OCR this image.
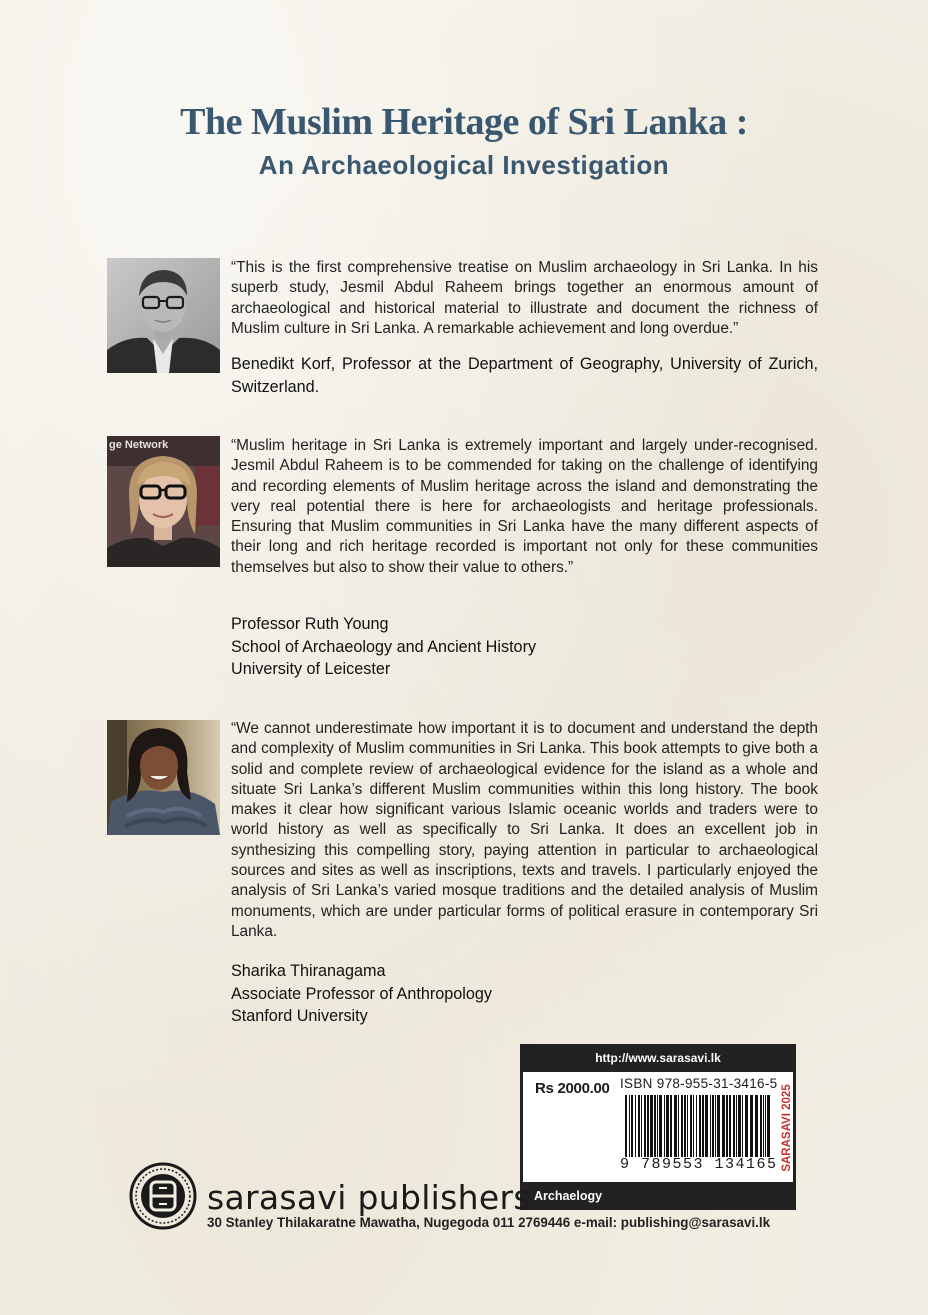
The Muslim Heritage of Sri Lanka :
An Archaeological Investigation

“This is the first comprehensive treatise on Muslim archaeology in Sri Lanka. In his superb study, Jesmil Abdul Raheem brings together an enormous amount of archaeological and historical material to illustrate and document the richness of Muslim culture in Sri Lanka. A remarkable achievement and long overdue.”

Benedikt Korf, Professor at the Department of Geography, University of Zurich, Switzerland.
ge Network	“Muslim heritage in Sri Lanka is extremely important and largely under-recognised. Jesmil Abdul Raheem is to be commended for taking on the challenge of identifying and recording elements of Muslim heritage across the island and demonstrating the very real potential there is here for archaeologists and heritage professionals. Ensuring that Muslim communities in Sri Lanka have the many different aspects of their long and rich heritage recorded is important not only for these communities themselves but also to show their value to others.”

Professor Ruth Young
School of Archaeology and Ancient History
University of Leicester

“We cannot underestimate how important it is to document and understand the depth and complexity of Muslim communities in Sri Lanka. This book attempts to give both a solid and complete review of archaeological evidence for the island as a whole and situate Sri Lanka’s different Muslim communities within this long history. The book makes it clear how significant various Islamic oceanic worlds and traders were to world history as well as specifically to Sri Lanka. It does an excellent job in synthesizing this compelling story, paying attention in particular to archaeological sources and sites as well as inscriptions, texts and travels. I particularly enjoyed the analysis of Sri Lanka’s varied mosque traditions and the detailed analysis of Muslim monuments, which are under particular forms of political erasure in contemporary Sri Lanka.

Sharika Thiranagama
Associate Professor of Anthropology
Stanford University
http://www.sarasavi.lk
Rs 2000.00 ISBN 978-955-31-3416-5
9 789553 134165 SARASAVI 2025
Archaelogy
sarasavi publishers
30 Stanley Thilakaratne Mawatha, Nugegoda 011 2769446 e-mail: publishing@sarasavi.lk
